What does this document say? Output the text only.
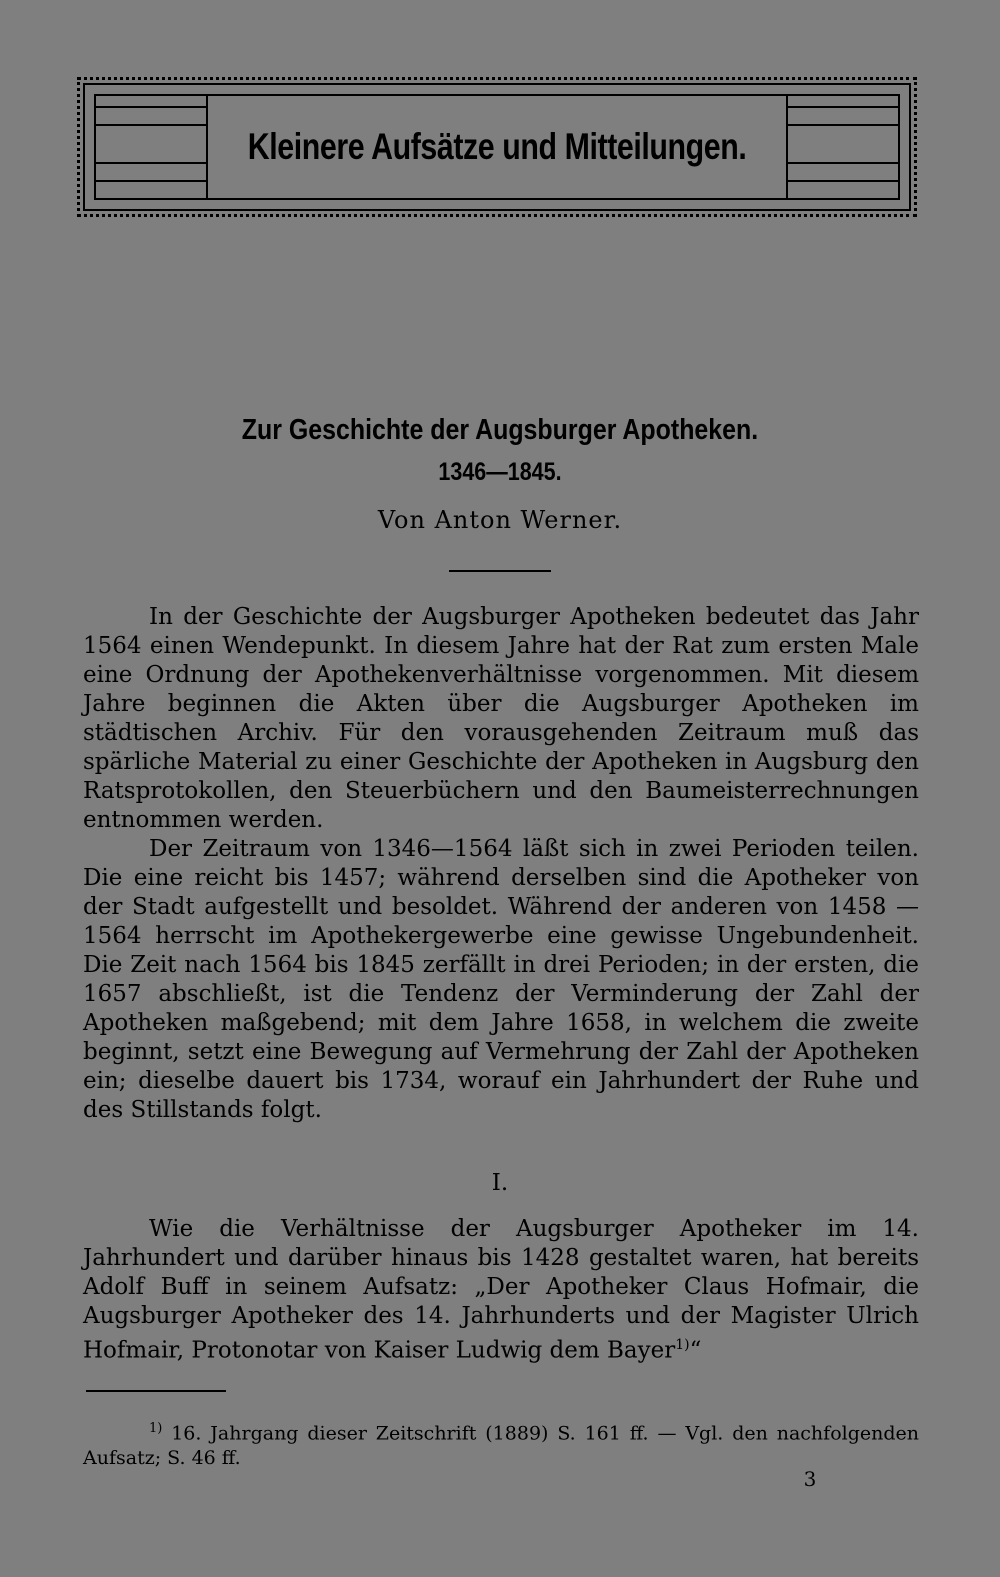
Kleinere Aufsätze und Mitteilungen.
Zur Geschichte der Augsburger Apotheken.
1346—1845.
Von Anton Werner.

In der Geschichte der Augsburger Apotheken bedeutet das Jahr 1564 einen Wendepunkt. In diesem Jahre hat der Rat zum ersten Male eine Ordnung der Apothekenverhältnisse vorgenommen. Mit diesem Jahre beginnen die Akten über die Augsburger Apotheken im städtischen Archiv. Für den vorausgehenden Zeitraum muß das spärliche Material zu einer Geschichte der Apotheken in Augsburg den Ratsprotokollen, den Steuerbüchern und den Baumeisterrechnungen entnommen werden.

Der Zeitraum von 1346—1564 läßt sich in zwei Perioden teilen. Die eine reicht bis 1457; während derselben sind die Apotheker von der Stadt aufgestellt und besoldet. Während der anderen von 1458 — 1564 herrscht im Apothekergewerbe eine gewisse Ungebundenheit. Die Zeit nach 1564 bis 1845 zerfällt in drei Perioden; in der ersten, die 1657 abschließt, ist die Tendenz der Verminderung der Zahl der Apotheken maßgebend; mit dem Jahre 1658, in welchem die zweite beginnt, setzt eine Bewegung auf Vermehrung der Zahl der Apotheken ein; dieselbe dauert bis 1734, worauf ein Jahrhundert der Ruhe und des Stillstands folgt.

I.

Wie die Verhältnisse der Augsburger Apotheker im 14. Jahrhundert und darüber hinaus bis 1428 gestaltet waren, hat bereits Adolf Buff in seinem Aufsatz: „Der Apotheker Claus Hofmair, die Augsburger Apotheker des 14. Jahrhunderts und der Magister Ulrich Hofmair, Protonotar von Kaiser Ludwig dem Bayer$^{1)}$“

$^{1)}$ 16. Jahrgang dieser Zeitschrift (1889) S. 161 ff. — Vgl. den nachfolgenden Aufsatz; S. 46 ff.

3
